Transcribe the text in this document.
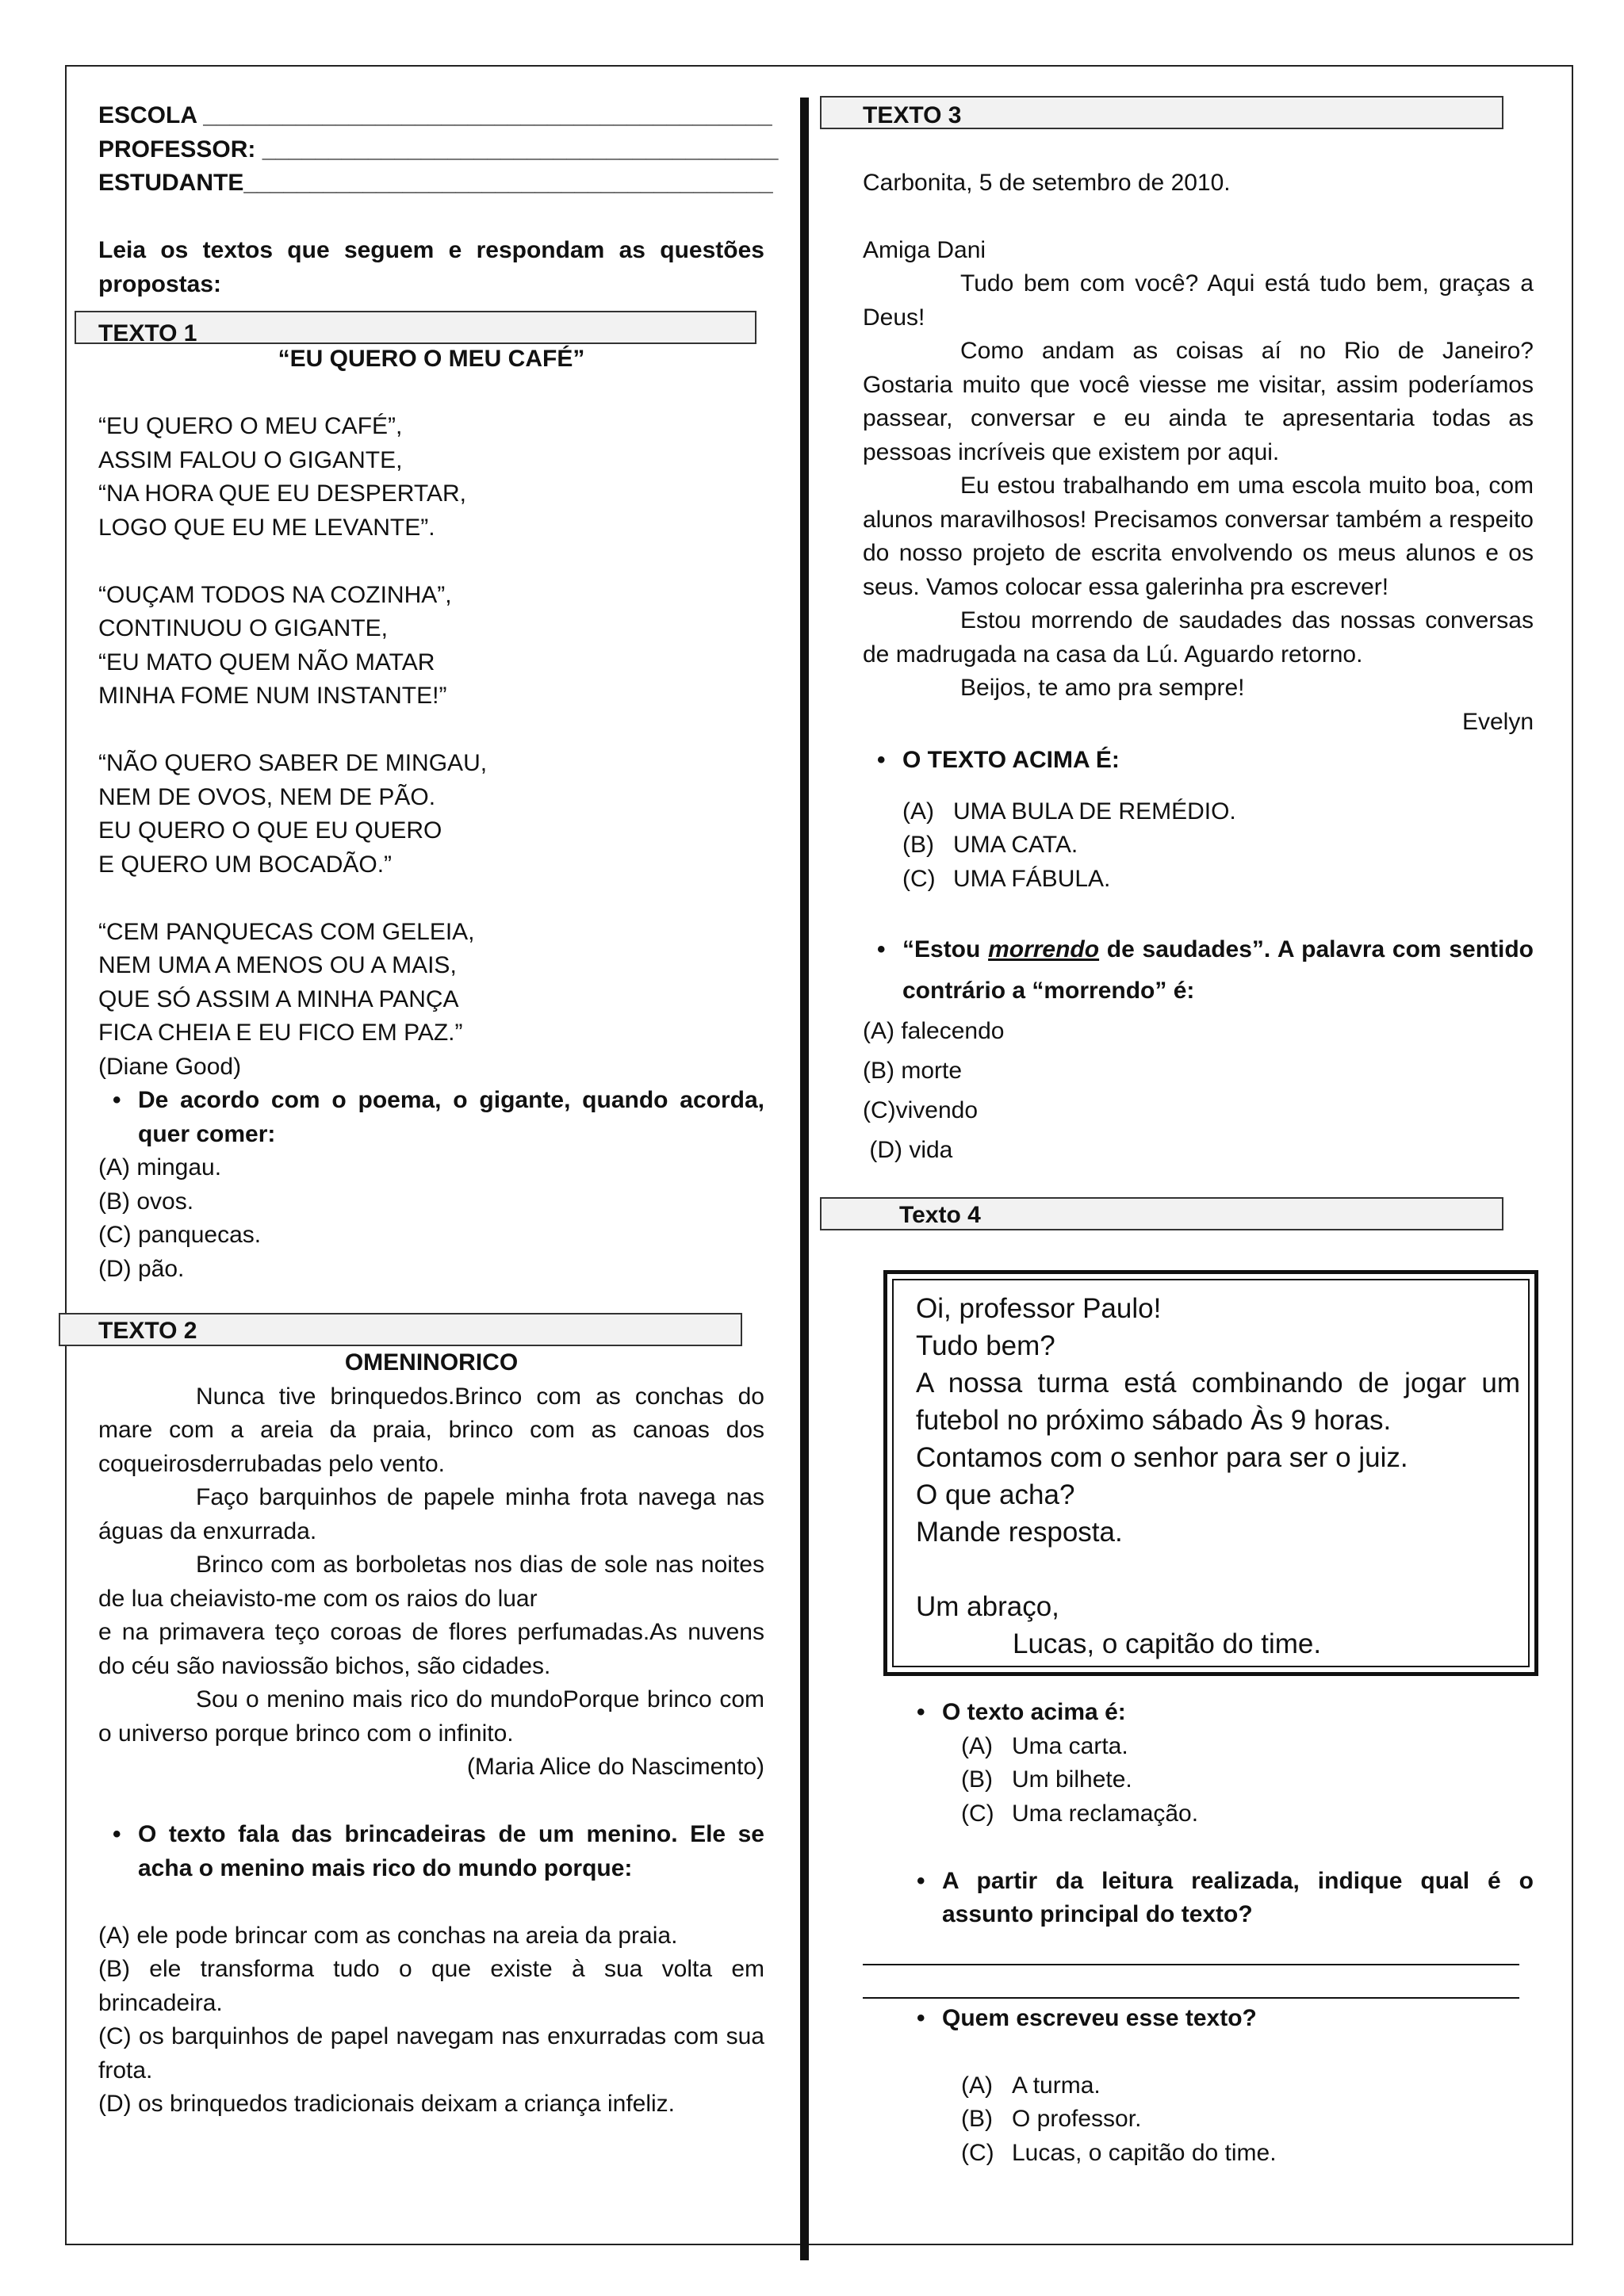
ESCOLA ___________________________________________
PROFESSOR: _______________________________________
ESTUDANTE________________________________________
Leia os textos que seguem e respondam as questões propostas:
TEXTO 1
“EU QUERO O MEU CAFÉ”
“EU QUERO O MEU CAFÉ”,
ASSIM FALOU O GIGANTE,
“NA HORA QUE EU DESPERTAR,
LOGO QUE EU ME LEVANTE”.
“OUÇAM TODOS NA COZINHA”,
CONTINUOU O GIGANTE,
“EU MATO QUEM NÃO MATAR
MINHA FOME NUM INSTANTE!”
“NÃO QUERO SABER DE MINGAU,
NEM DE OVOS, NEM DE PÃO.
EU QUERO O QUE EU QUERO
E QUERO UM BOCADÃO.”
“CEM PANQUECAS COM GELEIA,
NEM UMA A MENOS OU A MAIS,
QUE SÓ ASSIM A MINHA PANÇA
FICA CHEIA E EU FICO EM PAZ.”
(Diane Good)
• De acordo com o poema, o gigante, quando acorda, quer comer:
(A) mingau.
(B) ovos.
(C) panquecas.
(D) pão.
TEXTO 2
OMENINORICO
Nunca tive brinquedos.Brinco com as conchas do mare com a areia da praia, brinco com as canoas dos coqueirosderrubadas pelo vento.
Faço barquinhos de papele minha frota navega nas águas da enxurrada.
Brinco com as borboletas nos dias de sole nas noites de lua cheiavisto-me com os raios do luar
e na primavera teço coroas de flores perfumadas.As nuvens do céu são naviossão bichos, são cidades.
Sou o menino mais rico do mundoPorque brinco com o universo porque brinco com o infinito.
(Maria Alice do Nascimento)
• O texto fala das brincadeiras de um menino. Ele se acha o menino mais rico do mundo porque:
(A) ele pode brincar com as conchas na areia da praia.
(B) ele transforma tudo o que existe à sua volta em brincadeira.
(C) os barquinhos de papel navegam nas enxurradas com sua frota.
(D) os brinquedos tradicionais deixam a criança infeliz.
TEXTO 3
Carbonita, 5 de setembro de 2010.
Amiga Dani
Tudo bem com você? Aqui está tudo bem, graças a Deus!
Como andam as coisas aí no Rio de Janeiro? Gostaria muito que você viesse me visitar, assim poderíamos passear, conversar e eu ainda te apresentaria todas as pessoas incríveis que existem por aqui.
Eu estou trabalhando em uma escola muito boa, com alunos maravilhosos! Precisamos conversar também a respeito do nosso projeto de escrita envolvendo os meus alunos e os seus. Vamos colocar essa galerinha pra escrever!
Estou morrendo de saudades das nossas conversas de madrugada na casa da Lú. Aguardo retorno.
Beijos, te amo pra sempre!
Evelyn
• O TEXTO ACIMA É:
(A) UMA BULA DE REMÉDIO.
(B) UMA CATA.
(C) UMA FÁBULA.
• “Estou morrendo de saudades”. A palavra com sentido contrário a “morrendo” é:
(A) falecendo
(B) morte
(C)vivendo
(D) vida
Texto 4
Oi, professor Paulo!
Tudo bem?
A nossa turma está combinando de jogar um futebol no próximo sábado Às 9 horas.
Contamos com o senhor para ser o juiz.
O que acha?
Mande resposta.
Um abraço,
Lucas, o capitão do time.
• O texto acima é:
(A) Uma carta.
(B) Um bilhete.
(C) Uma reclamação.
• A partir da leitura realizada, indique qual é o assunto principal do texto?
• Quem escreveu esse texto?
(A) A turma.
(B) O professor.
(C) Lucas, o capitão do time.
